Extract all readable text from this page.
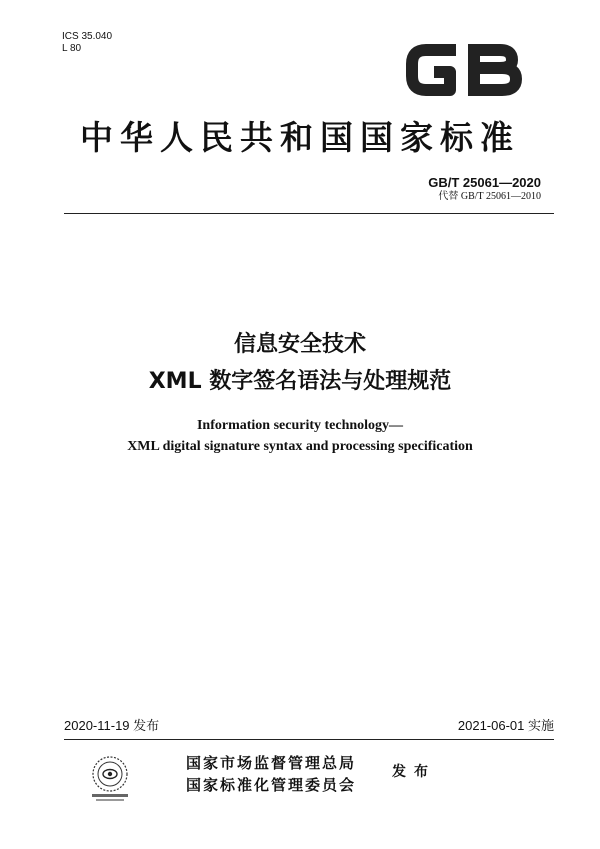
ICS 35.040
L 80
中华人民共和国国家标准
GB/T 25061—2020
代替 GB/T 25061—2010
信息安全技术
XML 数字签名语法与处理规范
Information security technology—
XML digital signature syntax and processing specification
2020-11-19 发布	2021-06-01 实施
国家市场监督管理总局
国家标准化管理委员会
发布
